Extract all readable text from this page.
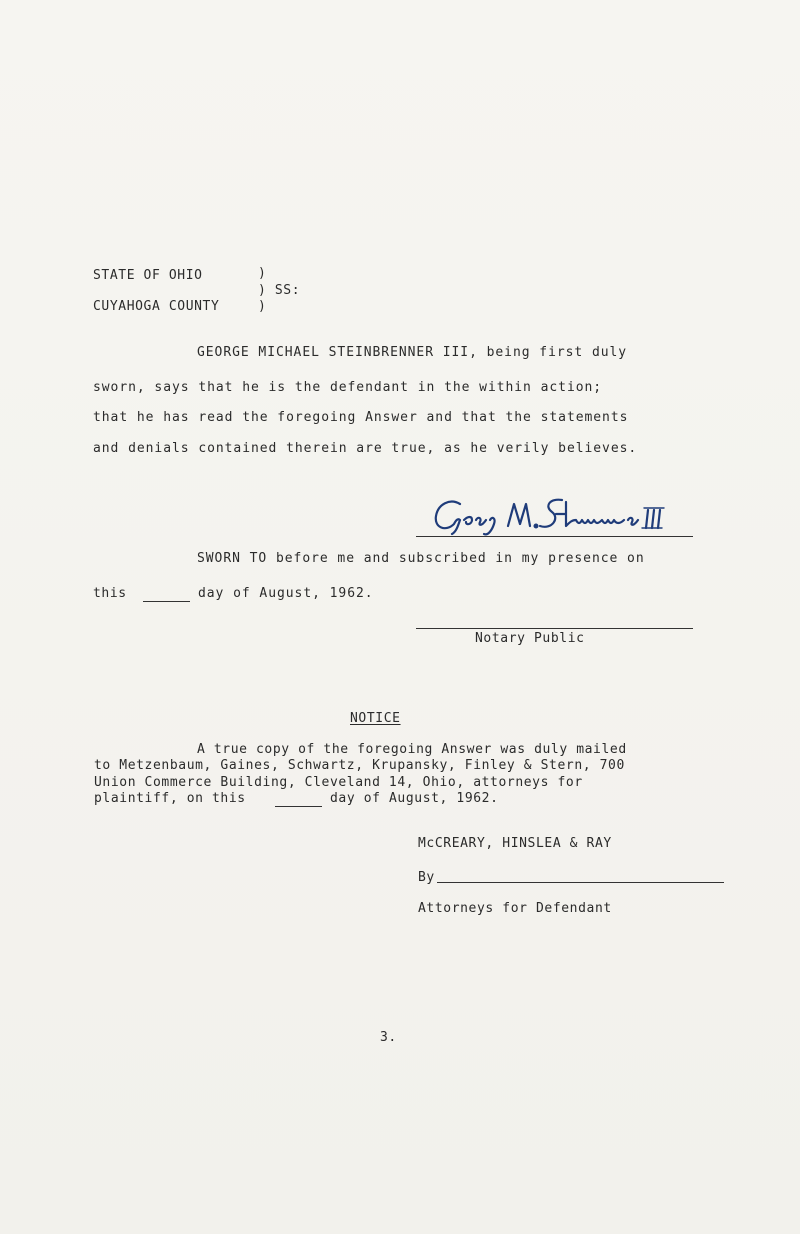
STATE OF OHIO	)
) SS:
CUYAHOGA COUNTY	)
GEORGE MICHAEL STEINBRENNER III, being first duly
sworn, says that he is the defendant in the within action;
that he has read the foregoing Answer and that the statements
and denials contained therein are true, as he verily believes.
SWORN TO before me and subscribed in my presence on
this	day of August, 1962.
Notary Public
NOTICE
A true copy of the foregoing Answer was duly mailed
to Metzenbaum, Gaines, Schwartz, Krupansky, Finley & Stern, 700
Union Commerce Building, Cleveland 14, Ohio, attorneys for
plaintiff, on this	day of August, 1962.
McCREARY, HINSLEA & RAY
By
Attorneys for Defendant
3.
